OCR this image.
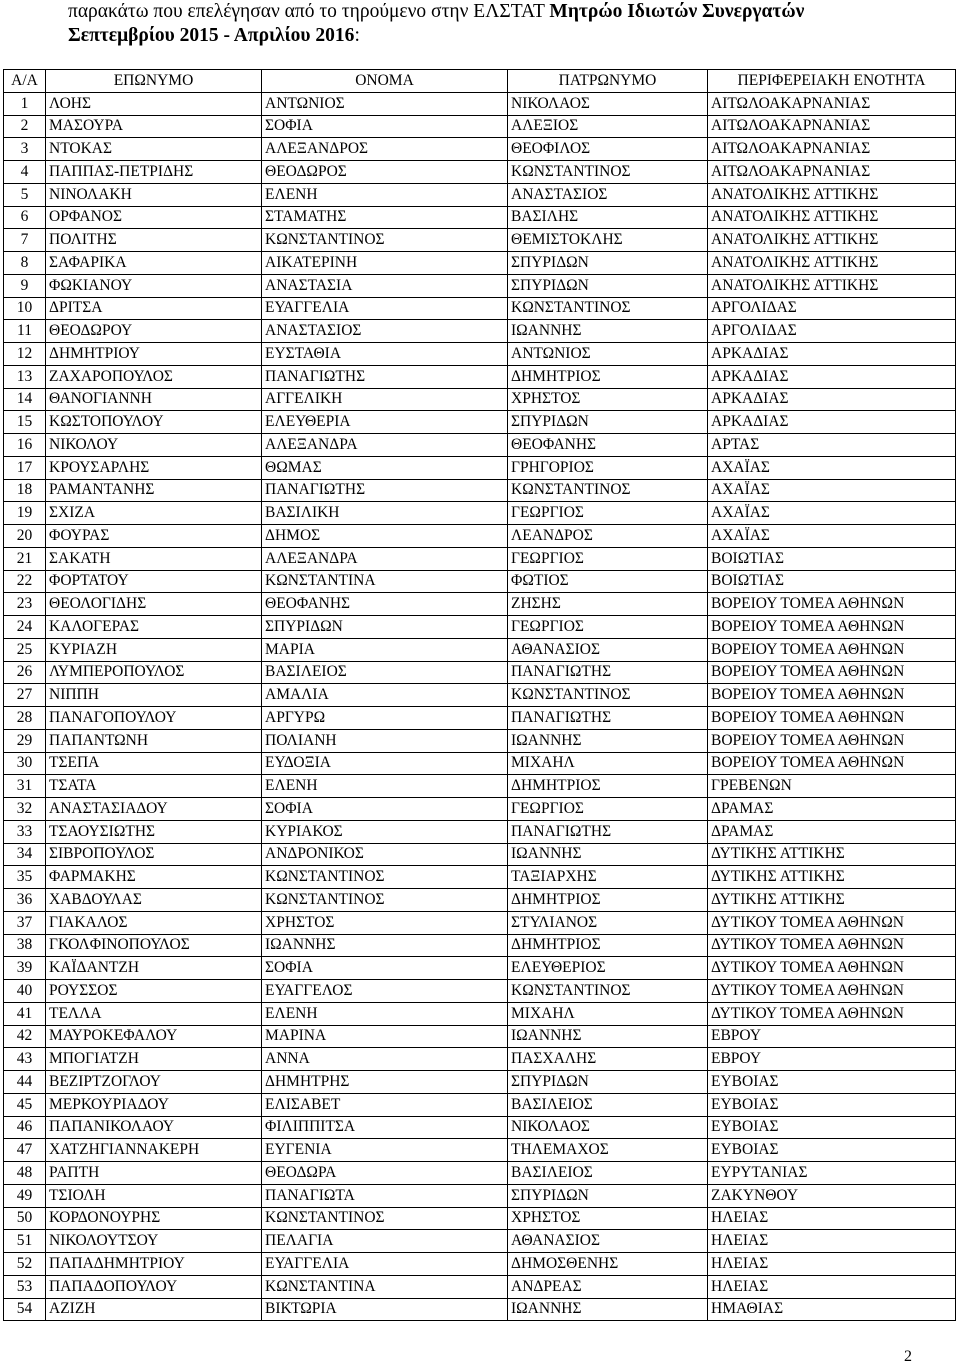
παρακάτω που επελέγησαν από το τηρούμενο στην ΕΛΣΤΑΤ Μητρώο Ιδιωτών Συνεργατών
Σεπτεμβρίου 2015 - Απριλίου 2016:
Α/Α	ΕΠΩΝΥΜΟ	ΟΝΟΜΑ	ΠΑΤΡΩΝΥΜΟ	ΠΕΡΙΦΕΡΕΙΑΚΗ ΕΝΟΤΗΤΑ
1	ΛΟΗΣ	ΑΝΤΩΝΙΟΣ	ΝΙΚΟΛΑΟΣ	ΑΙΤΩΛΟΑΚΑΡΝΑΝΙΑΣ
2	ΜΑΣΟΥΡΑ	ΣΟΦΙΑ	ΑΛΕΞΙΟΣ	ΑΙΤΩΛΟΑΚΑΡΝΑΝΙΑΣ
3	ΝΤΟΚΑΣ	ΑΛΕΞΑΝΔΡΟΣ	ΘΕΟΦΙΛΟΣ	ΑΙΤΩΛΟΑΚΑΡΝΑΝΙΑΣ
4	ΠΑΠΠΑΣ-ΠΕΤΡΙΔΗΣ	ΘΕΟΔΩΡΟΣ	ΚΩΝΣΤΑΝΤΙΝΟΣ	ΑΙΤΩΛΟΑΚΑΡΝΑΝΙΑΣ
5	ΝΙΝΟΛΑΚΗ	ΕΛΕΝΗ	ΑΝΑΣΤΑΣΙΟΣ	ΑΝΑΤΟΛΙΚΗΣ ΑΤΤΙΚΗΣ
6	ΟΡΦΑΝΟΣ	ΣΤΑΜΑΤΗΣ	ΒΑΣΙΛΗΣ	ΑΝΑΤΟΛΙΚΗΣ ΑΤΤΙΚΗΣ
7	ΠΟΛΙΤΗΣ	ΚΩΝΣΤΑΝΤΙΝΟΣ	ΘΕΜΙΣΤΟΚΛΗΣ	ΑΝΑΤΟΛΙΚΗΣ ΑΤΤΙΚΗΣ
8	ΣΑΦΑΡΙΚΑ	ΑΙΚΑΤΕΡΙΝΗ	ΣΠΥΡΙΔΩΝ	ΑΝΑΤΟΛΙΚΗΣ ΑΤΤΙΚΗΣ
9	ΦΩΚΙΑΝΟΥ	ΑΝΑΣΤΑΣΙΑ	ΣΠΥΡΙΔΩΝ	ΑΝΑΤΟΛΙΚΗΣ ΑΤΤΙΚΗΣ
10	ΔΡΙΤΣΑ	ΕΥΑΓΓΕΛΙΑ	ΚΩΝΣΤΑΝΤΙΝΟΣ	ΑΡΓΟΛΙΔΑΣ
11	ΘΕΟΔΩΡΟΥ	ΑΝΑΣΤΑΣΙΟΣ	ΙΩΑΝΝΗΣ	ΑΡΓΟΛΙΔΑΣ
12	ΔΗΜΗΤΡΙΟΥ	ΕΥΣΤΑΘΙΑ	ΑΝΤΩΝΙΟΣ	ΑΡΚΑΔΙΑΣ
13	ΖΑΧΑΡΟΠΟΥΛΟΣ	ΠΑΝΑΓΙΩΤΗΣ	ΔΗΜΗΤΡΙΟΣ	ΑΡΚΑΔΙΑΣ
14	ΘΑΝΟΓΙΑΝΝΗ	ΑΓΓΕΛΙΚΗ	ΧΡΗΣΤΟΣ	ΑΡΚΑΔΙΑΣ
15	ΚΩΣΤΟΠΟΥΛΟΥ	ΕΛΕΥΘΕΡΙΑ	ΣΠΥΡΙΔΩΝ	ΑΡΚΑΔΙΑΣ
16	ΝΙΚΟΛΟΥ	ΑΛΕΞΑΝΔΡΑ	ΘΕΟΦΑΝΗΣ	ΑΡΤΑΣ
17	ΚΡΟΥΣΑΡΛΗΣ	ΘΩΜΑΣ	ΓΡΗΓΟΡΙΟΣ	ΑΧΑΪΑΣ
18	ΡΑΜΑΝΤΑΝΗΣ	ΠΑΝΑΓΙΩΤΗΣ	ΚΩΝΣΤΑΝΤΙΝΟΣ	ΑΧΑΪΑΣ
19	ΣΧΙΖΑ	ΒΑΣΙΛΙΚΗ	ΓΕΩΡΓΙΟΣ	ΑΧΑΪΑΣ
20	ΦΟΥΡΑΣ	ΔΗΜΟΣ	ΛΕΑΝΔΡΟΣ	ΑΧΑΪΑΣ
21	ΣΑΚΑΤΗ	ΑΛΕΞΑΝΔΡΑ	ΓΕΩΡΓΙΟΣ	ΒΟΙΩΤΙΑΣ
22	ΦΟΡΤΑΤΟΥ	ΚΩΝΣΤΑΝΤΙΝΑ	ΦΩΤΙΟΣ	ΒΟΙΩΤΙΑΣ
23	ΘΕΟΛΟΓΙΔΗΣ	ΘΕΟΦΑΝΗΣ	ΖΗΣΗΣ	ΒΟΡΕΙΟΥ ΤΟΜΕΑ ΑΘΗΝΩΝ
24	ΚΑΛΟΓΕΡΑΣ	ΣΠΥΡΙΔΩΝ	ΓΕΩΡΓΙΟΣ	ΒΟΡΕΙΟΥ ΤΟΜΕΑ ΑΘΗΝΩΝ
25	ΚΥΡΙΑΖΗ	ΜΑΡΙΑ	ΑΘΑΝΑΣΙΟΣ	ΒΟΡΕΙΟΥ ΤΟΜΕΑ ΑΘΗΝΩΝ
26	ΛΥΜΠΕΡΟΠΟΥΛΟΣ	ΒΑΣΙΛΕΙΟΣ	ΠΑΝΑΓΙΩΤΗΣ	ΒΟΡΕΙΟΥ ΤΟΜΕΑ ΑΘΗΝΩΝ
27	ΝΙΠΠΗ	ΑΜΑΛΙΑ	ΚΩΝΣΤΑΝΤΙΝΟΣ	ΒΟΡΕΙΟΥ ΤΟΜΕΑ ΑΘΗΝΩΝ
28	ΠΑΝΑΓΟΠΟΥΛΟΥ	ΑΡΓΥΡΩ	ΠΑΝΑΓΙΩΤΗΣ	ΒΟΡΕΙΟΥ ΤΟΜΕΑ ΑΘΗΝΩΝ
29	ΠΑΠΑΝΤΩΝΗ	ΠΟΛΙΑΝΗ	ΙΩΑΝΝΗΣ	ΒΟΡΕΙΟΥ ΤΟΜΕΑ ΑΘΗΝΩΝ
30	ΤΣΕΠΑ	ΕΥΔΟΞΙΑ	ΜΙΧΑΗΛ	ΒΟΡΕΙΟΥ ΤΟΜΕΑ ΑΘΗΝΩΝ
31	ΤΣΑΤΑ	ΕΛΕΝΗ	ΔΗΜΗΤΡΙΟΣ	ΓΡΕΒΕΝΩΝ
32	ΑΝΑΣΤΑΣΙΑΔΟΥ	ΣΟΦΙΑ	ΓΕΩΡΓΙΟΣ	ΔΡΑΜΑΣ
33	ΤΣΑΟΥΣΙΩΤΗΣ	ΚΥΡΙΑΚΟΣ	ΠΑΝΑΓΙΩΤΗΣ	ΔΡΑΜΑΣ
34	ΣΙΒΡΟΠΟΥΛΟΣ	ΑΝΔΡΟΝΙΚΟΣ	ΙΩΑΝΝΗΣ	ΔΥΤΙΚΗΣ ΑΤΤΙΚΗΣ
35	ΦΑΡΜΑΚΗΣ	ΚΩΝΣΤΑΝΤΙΝΟΣ	ΤΑΞΙΑΡΧΗΣ	ΔΥΤΙΚΗΣ ΑΤΤΙΚΗΣ
36	ΧΑΒΔΟΥΛΑΣ	ΚΩΝΣΤΑΝΤΙΝΟΣ	ΔΗΜΗΤΡΙΟΣ	ΔΥΤΙΚΗΣ ΑΤΤΙΚΗΣ
37	ΓΙΑΚΑΛΟΣ	ΧΡΗΣΤΟΣ	ΣΤΥΛΙΑΝΟΣ	ΔΥΤΙΚΟΥ ΤΟΜΕΑ ΑΘΗΝΩΝ
38	ΓΚΟΛΦΙΝΟΠΟΥΛΟΣ	ΙΩΑΝΝΗΣ	ΔΗΜΗΤΡΙΟΣ	ΔΥΤΙΚΟΥ ΤΟΜΕΑ ΑΘΗΝΩΝ
39	ΚΑΪΔΑΝΤΖΗ	ΣΟΦΙΑ	ΕΛΕΥΘΕΡΙΟΣ	ΔΥΤΙΚΟΥ ΤΟΜΕΑ ΑΘΗΝΩΝ
40	ΡΟΥΣΣΟΣ	ΕΥΑΓΓΕΛΟΣ	ΚΩΝΣΤΑΝΤΙΝΟΣ	ΔΥΤΙΚΟΥ ΤΟΜΕΑ ΑΘΗΝΩΝ
41	ΤΕΛΛΑ	ΕΛΕΝΗ	ΜΙΧΑΗΛ	ΔΥΤΙΚΟΥ ΤΟΜΕΑ ΑΘΗΝΩΝ
42	ΜΑΥΡΟΚΕΦΑΛΟΥ	ΜΑΡΙΝΑ	ΙΩΑΝΝΗΣ	ΕΒΡΟΥ
43	ΜΠΟΓΙΑΤΖΗ	ΑΝΝΑ	ΠΑΣΧΑΛΗΣ	ΕΒΡΟΥ
44	ΒΕΖΙΡΤΖΟΓΛΟΥ	ΔΗΜΗΤΡΗΣ	ΣΠΥΡΙΔΩΝ	ΕΥΒΟΙΑΣ
45	ΜΕΡΚΟΥΡΙΑΔΟΥ	ΕΛΙΣΑΒΕΤ	ΒΑΣΙΛΕΙΟΣ	ΕΥΒΟΙΑΣ
46	ΠΑΠΑΝΙΚΟΛΑΟΥ	ΦΙΛΙΠΠΙΤΣΑ	ΝΙΚΟΛΑΟΣ	ΕΥΒΟΙΑΣ
47	ΧΑΤΖΗΓΙΑΝΝΑΚΕΡΗ	ΕΥΓΕΝΙΑ	ΤΗΛΕΜΑΧΟΣ	ΕΥΒΟΙΑΣ
48	ΡΑΠΤΗ	ΘΕΟΔΩΡΑ	ΒΑΣΙΛΕΙΟΣ	ΕΥΡΥΤΑΝΙΑΣ
49	ΤΣΙΟΛΗ	ΠΑΝΑΓΙΩΤΑ	ΣΠΥΡΙΔΩΝ	ΖΑΚΥΝΘΟΥ
50	ΚΟΡΔΟΝΟΥΡΗΣ	ΚΩΝΣΤΑΝΤΙΝΟΣ	ΧΡΗΣΤΟΣ	ΗΛΕΙΑΣ
51	ΝΙΚΟΛΟΥΤΣΟΥ	ΠΕΛΑΓΙΑ	ΑΘΑΝΑΣΙΟΣ	ΗΛΕΙΑΣ
52	ΠΑΠΑΔΗΜΗΤΡΙΟΥ	ΕΥΑΓΓΕΛΙΑ	ΔΗΜΟΣΘΕΝΗΣ	ΗΛΕΙΑΣ
53	ΠΑΠΑΔΟΠΟΥΛΟΥ	ΚΩΝΣΤΑΝΤΙΝΑ	ΑΝΔΡΕΑΣ	ΗΛΕΙΑΣ
54	ΑΖΙΖΗ	ΒΙΚΤΩΡΙΑ	ΙΩΑΝΝΗΣ	ΗΜΑΘΙΑΣ
2
